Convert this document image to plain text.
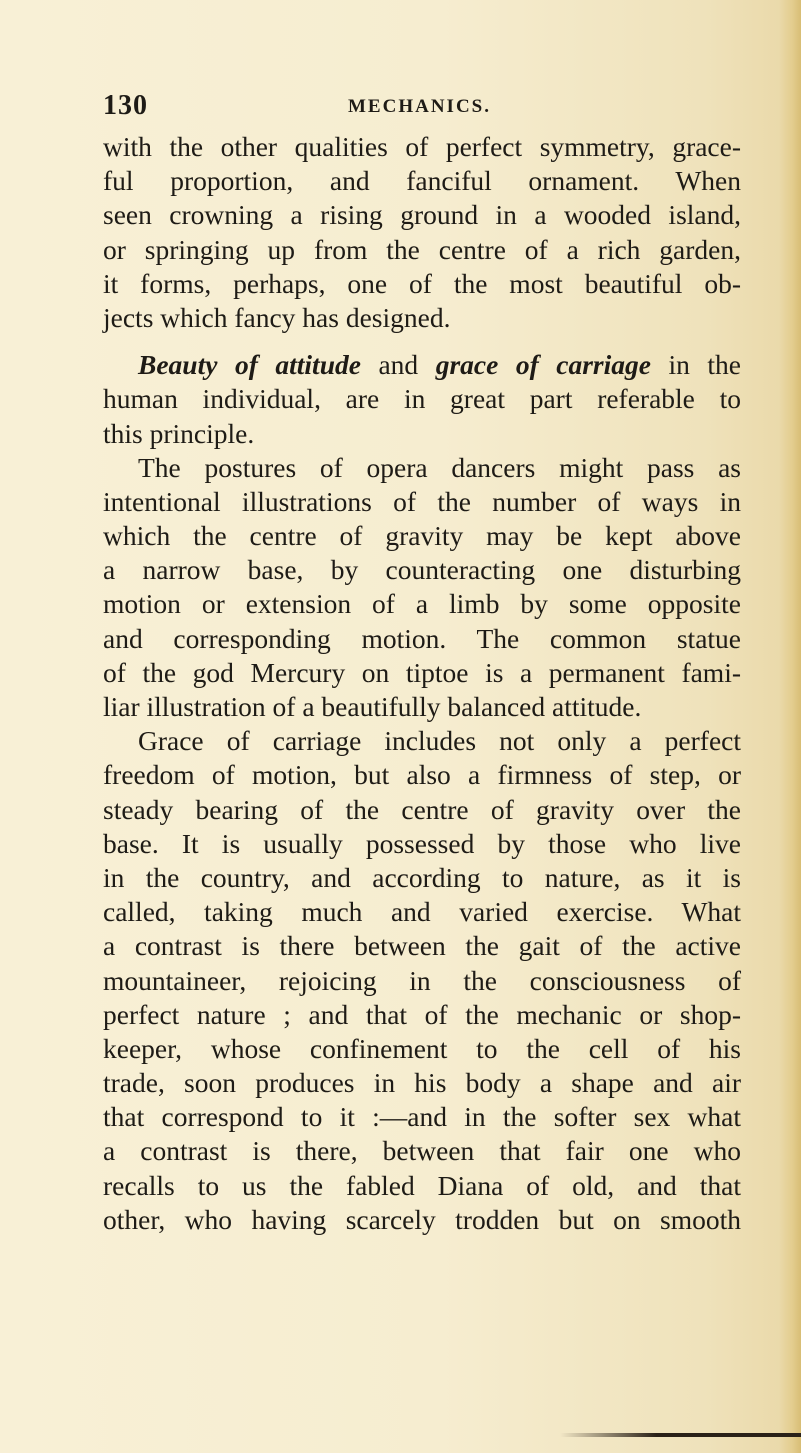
130	MECHANICS.
with the other qualities of perfect symmetry, grace-
ful proportion, and fanciful ornament. When
seen crowning a rising ground in a wooded island,
or springing up from the centre of a rich garden,
it forms, perhaps, one of the most beautiful ob-
jects which fancy has designed.
Beauty of attitude and grace of carriage in the
human individual, are in great part referable to
this principle.
The postures of opera dancers might pass as
intentional illustrations of the number of ways in
which the centre of gravity may be kept above
a narrow base, by counteracting one disturbing
motion or extension of a limb by some opposite
and corresponding motion. The common statue
of the god Mercury on tiptoe is a permanent fami-
liar illustration of a beautifully balanced attitude.
Grace of carriage includes not only a perfect
freedom of motion, but also a firmness of step, or
steady bearing of the centre of gravity over the
base. It is usually possessed by those who live
in the country, and according to nature, as it is
called, taking much and varied exercise. What
a contrast is there between the gait of the active
mountaineer, rejoicing in the consciousness of
perfect nature ; and that of the mechanic or shop-
keeper, whose confinement to the cell of his
trade, soon produces in his body a shape and air
that correspond to it :—and in the softer sex what
a contrast is there, between that fair one who
recalls to us the fabled Diana of old, and that
other, who having scarcely trodden but on smooth
